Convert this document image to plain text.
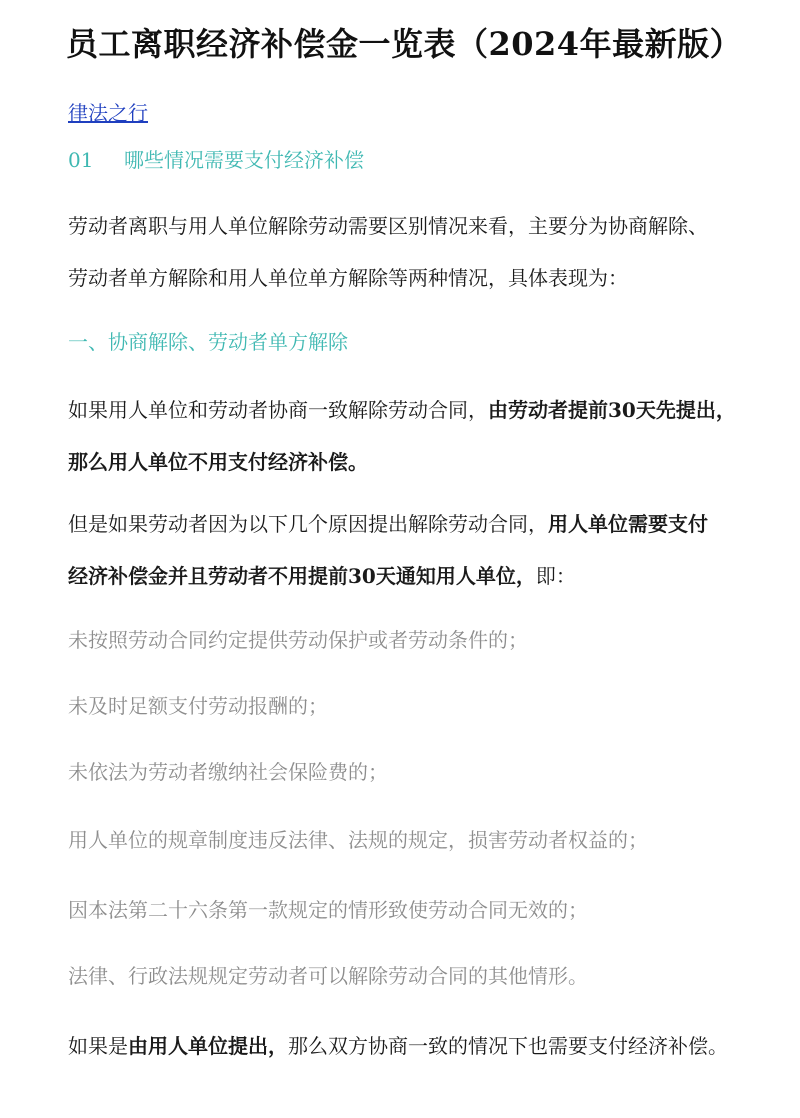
员工离职经济补偿金一览表（2024年最新版）
律法之行
01 哪些情况需要支付经济补偿
劳动者离职与用人单位解除劳动需要区别情况来看，主要分为协商解除、
劳动者单方解除和用人单位单方解除等两种情况，具体表现为：
一、协商解除、劳动者单方解除
如果用人单位和劳动者协商一致解除劳动合同，由劳动者提前30天先提出，
那么用人单位不用支付经济补偿。
但是如果劳动者因为以下几个原因提出解除劳动合同，用人单位需要支付
经济补偿金并且劳动者不用提前30天通知用人单位，即：
未按照劳动合同约定提供劳动保护或者劳动条件的；
未及时足额支付劳动报酬的；
未依法为劳动者缴纳社会保险费的；
用人单位的规章制度违反法律、法规的规定，损害劳动者权益的；
因本法第二十六条第一款规定的情形致使劳动合同无效的；
法律、行政法规规定劳动者可以解除劳动合同的其他情形。
如果是由用人单位提出，那么双方协商一致的情况下也需要支付经济补偿。
